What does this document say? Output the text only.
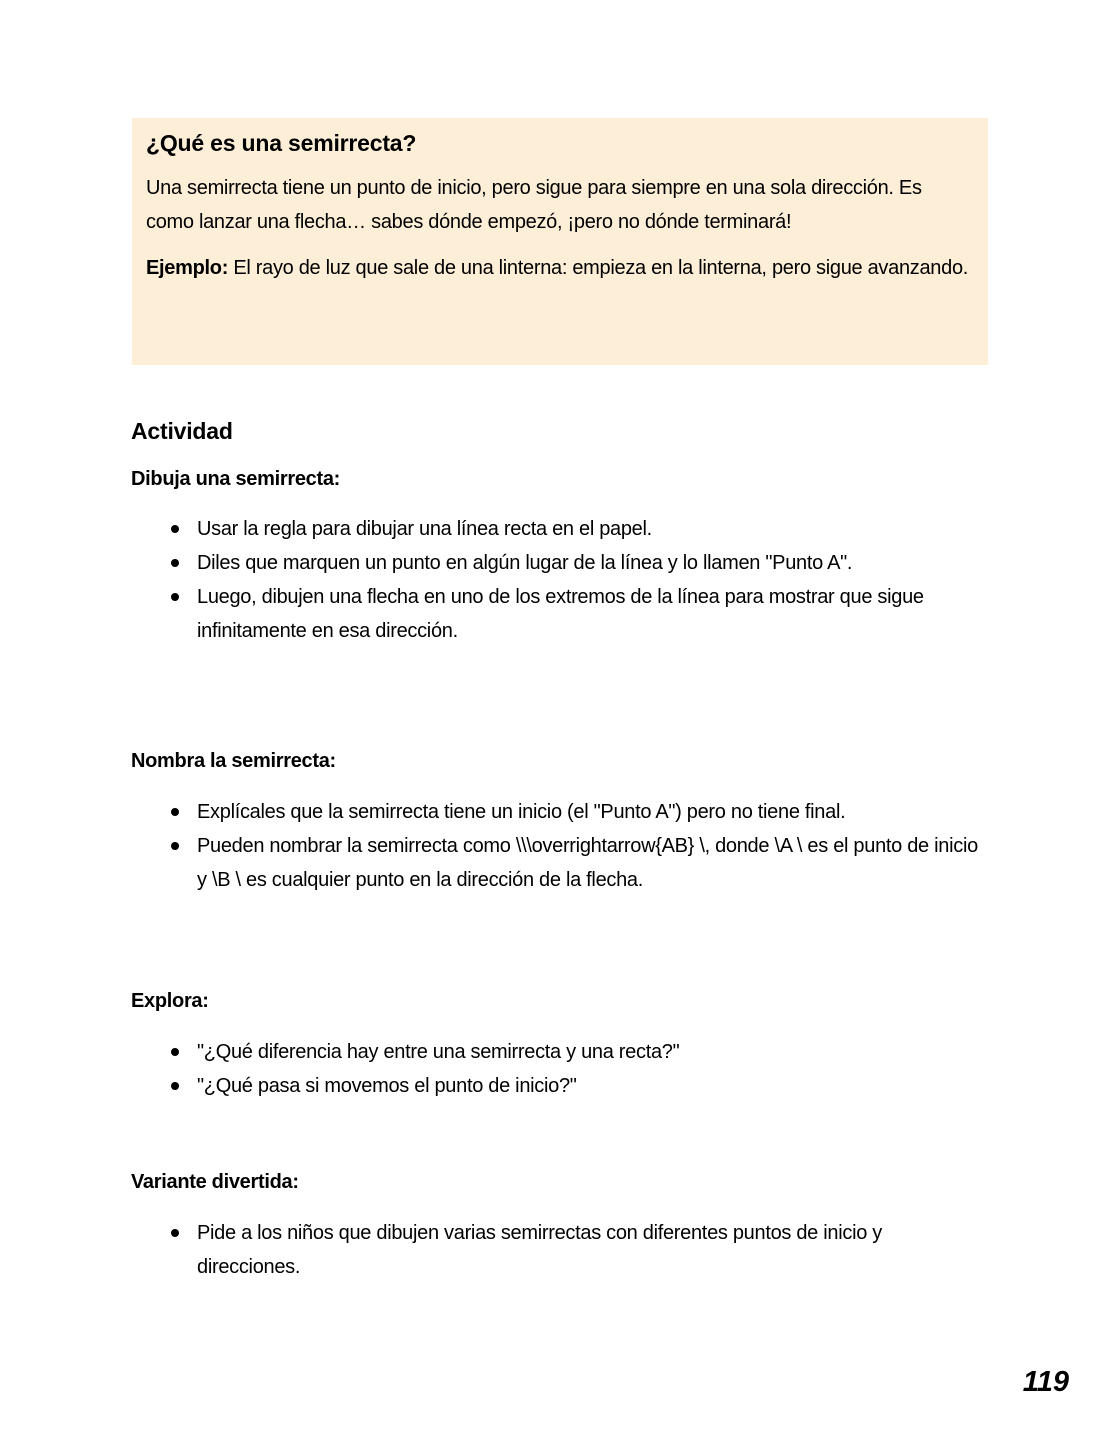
¿Qué es una semirrecta?

Una semirrecta tiene un punto de inicio, pero sigue para siempre en una sola dirección. Es como lanzar una flecha… sabes dónde empezó, ¡pero no dónde terminará!

Ejemplo: El rayo de luz que sale de una linterna: empieza en la linterna, pero sigue avanzando.

Actividad
Dibuja una semirrecta:
Usar la regla para dibujar una línea recta en el papel.
Diles que marquen un punto en algún lugar de la línea y lo llamen "Punto A".
Luego, dibujen una flecha en uno de los extremos de la línea para mostrar que sigue infinitamente en esa dirección.
Nombra la semirrecta:
Explícales que la semirrecta tiene un inicio (el "Punto A") pero no tiene final.
Pueden nombrar la semirrecta como \\\overrightarrow{AB} \, donde \A \ es el punto de inicio y \B \ es cualquier punto en la dirección de la flecha.
Explora:
"¿Qué diferencia hay entre una semirrecta y una recta?"
"¿Qué pasa si movemos el punto de inicio?"
Variante divertida:
Pide a los niños que dibujen varias semirrectas con diferentes puntos de inicio y direcciones.
119
